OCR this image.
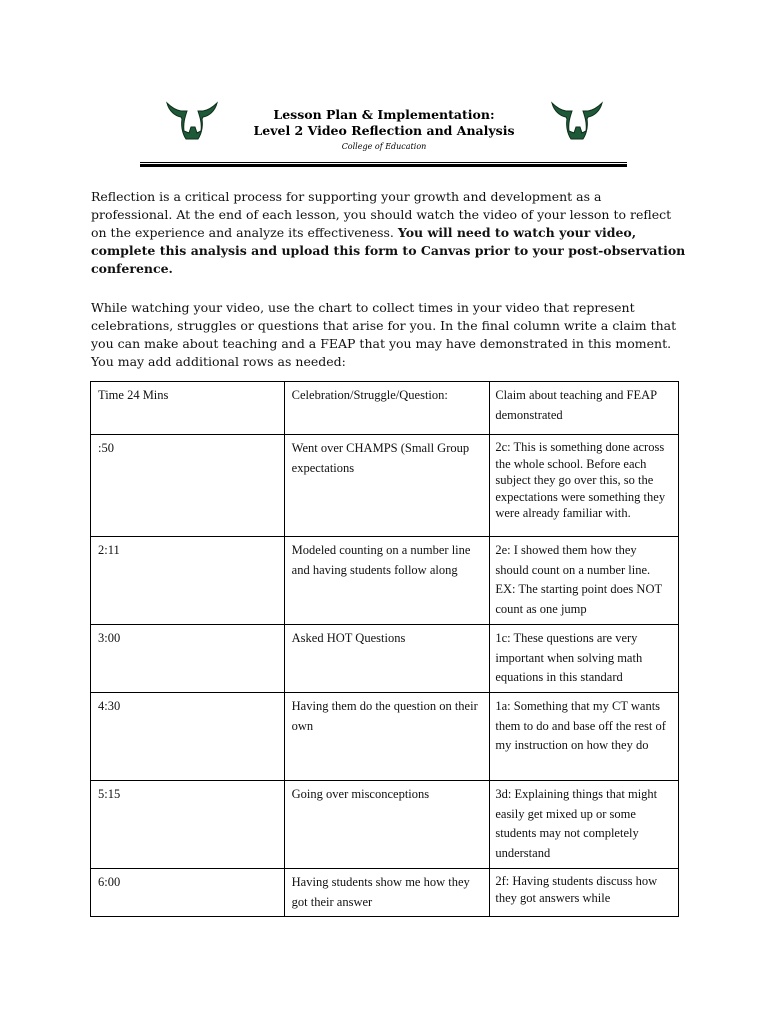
Lesson Plan & Implementation:
Level 2 Video Reflection and Analysis
College of Education
Reflection is a critical process for supporting your growth and development as a professional. At the end of each lesson, you should watch the video of your lesson to reflect on the experience and analyze its effectiveness. You will need to watch your video, complete this analysis and upload this form to Canvas prior to your post-observation conference.
While watching your video, use the chart to collect times in your video that represent celebrations, struggles or questions that arise for you. In the final column write a claim that you can make about teaching and a FEAP that you may have demonstrated in this moment. You may add additional rows as needed:
Time 24 Mins	Celebration/Struggle/Question:	Claim about teaching and FEAP demonstrated
:50	Went over CHAMPS (Small Group expectations	2c: This is something done across the whole school. Before each subject they go over this, so the expectations were something they were already familiar with.
2:11	Modeled counting on a number line and having students follow along	2e: I showed them how they should count on a number line. EX: The starting point does NOT count as one jump
3:00	Asked HOT Questions	1c: These questions are very important when solving math equations in this standard
4:30	Having them do the question on their own	1a: Something that my CT wants them to do and base off the rest of my instruction on how they do
5:15	Going over misconceptions	3d: Explaining things that might easily get mixed up or some students may not completely understand
6:00	Having students show me how they got their answer	2f: Having students discuss how they got answers while
